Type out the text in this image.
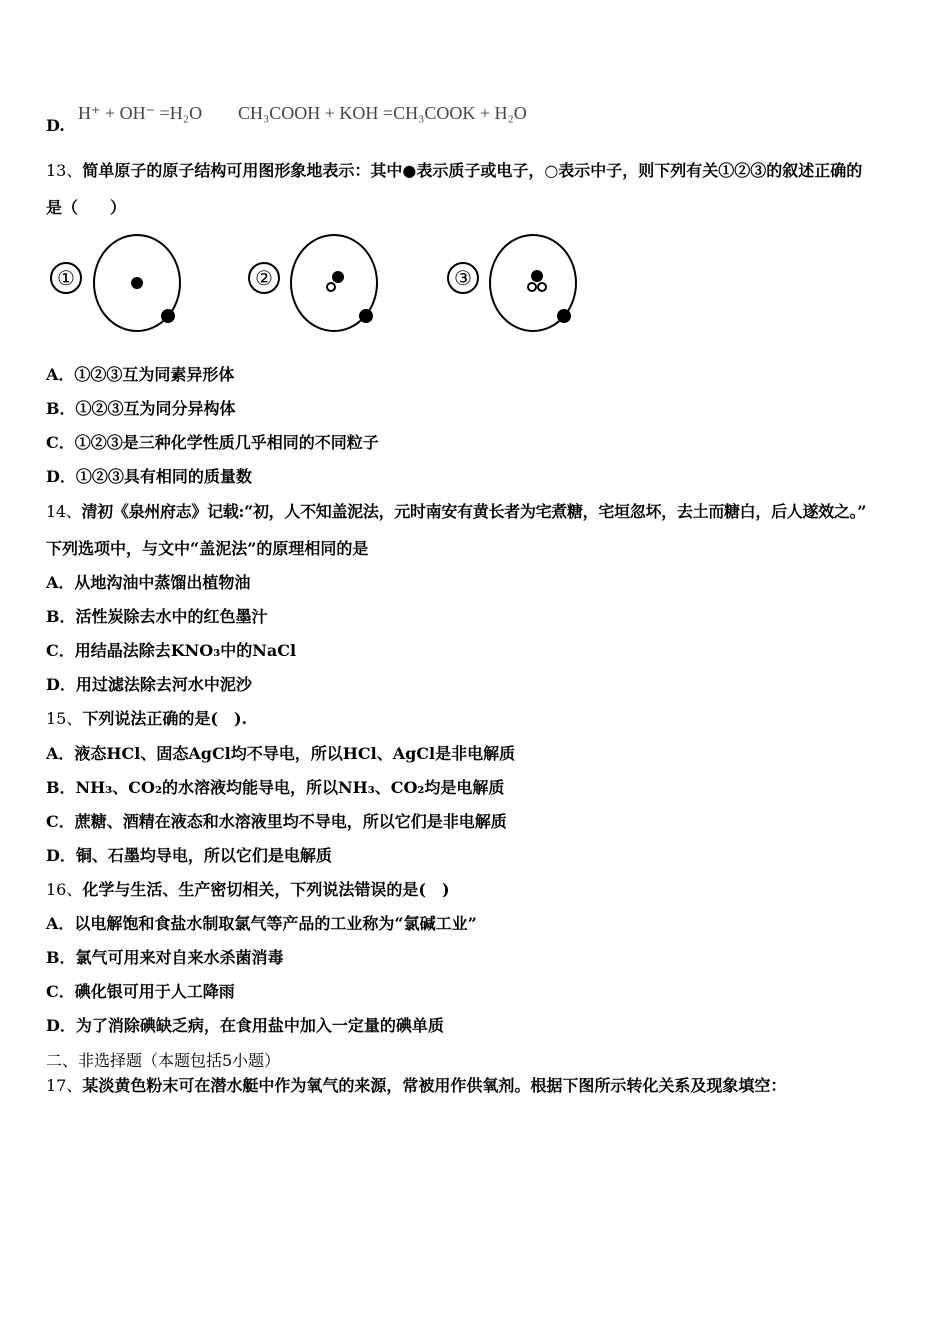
D.
H⁺ + OH⁻ =H₂O CH₃COOH + KOH =CH₃COOK + H₂O
13、简单原子的原子结构可用图形象地表示：其中●表示质子或电子，○表示中子，则下列有关①②③的叙述正确的
是（　　）
①	②	③
A．①②③互为同素异形体
B．①②③互为同分异构体
C．①②③是三种化学性质几乎相同的不同粒子
D．①②③具有相同的质量数
14、清初《泉州府志》记载:“初，人不知盖泥法，元时南安有黄长者为宅煮糖，宅垣忽坏，去土而糖白，后人遂效之。”
下列选项中，与文中“盖泥法”的原理相同的是
A．从地沟油中蒸馏出植物油
B．活性炭除去水中的红色墨汁
C．用结晶法除去KNO₃中的NaCl
D．用过滤法除去河水中泥沙
15、下列说法正确的是(　).
A．液态HCl、固态AgCl均不导电，所以HCl、AgCl是非电解质
B．NH₃、CO₂的水溶液均能导电，所以NH₃、CO₂均是电解质
C．蔗糖、酒精在液态和水溶液里均不导电，所以它们是非电解质
D．铜、石墨均导电，所以它们是电解质
16、化学与生活、生产密切相关，下列说法错误的是(　)
A．以电解饱和食盐水制取氯气等产品的工业称为“氯碱工业”
B．氯气可用来对自来水杀菌消毒
C．碘化银可用于人工降雨
D．为了消除碘缺乏病，在食用盐中加入一定量的碘单质
二、非选择题（本题包括5小题）
17、某淡黄色粉末可在潜水艇中作为氧气的来源，常被用作供氧剂。根据下图所示转化关系及现象填空：
